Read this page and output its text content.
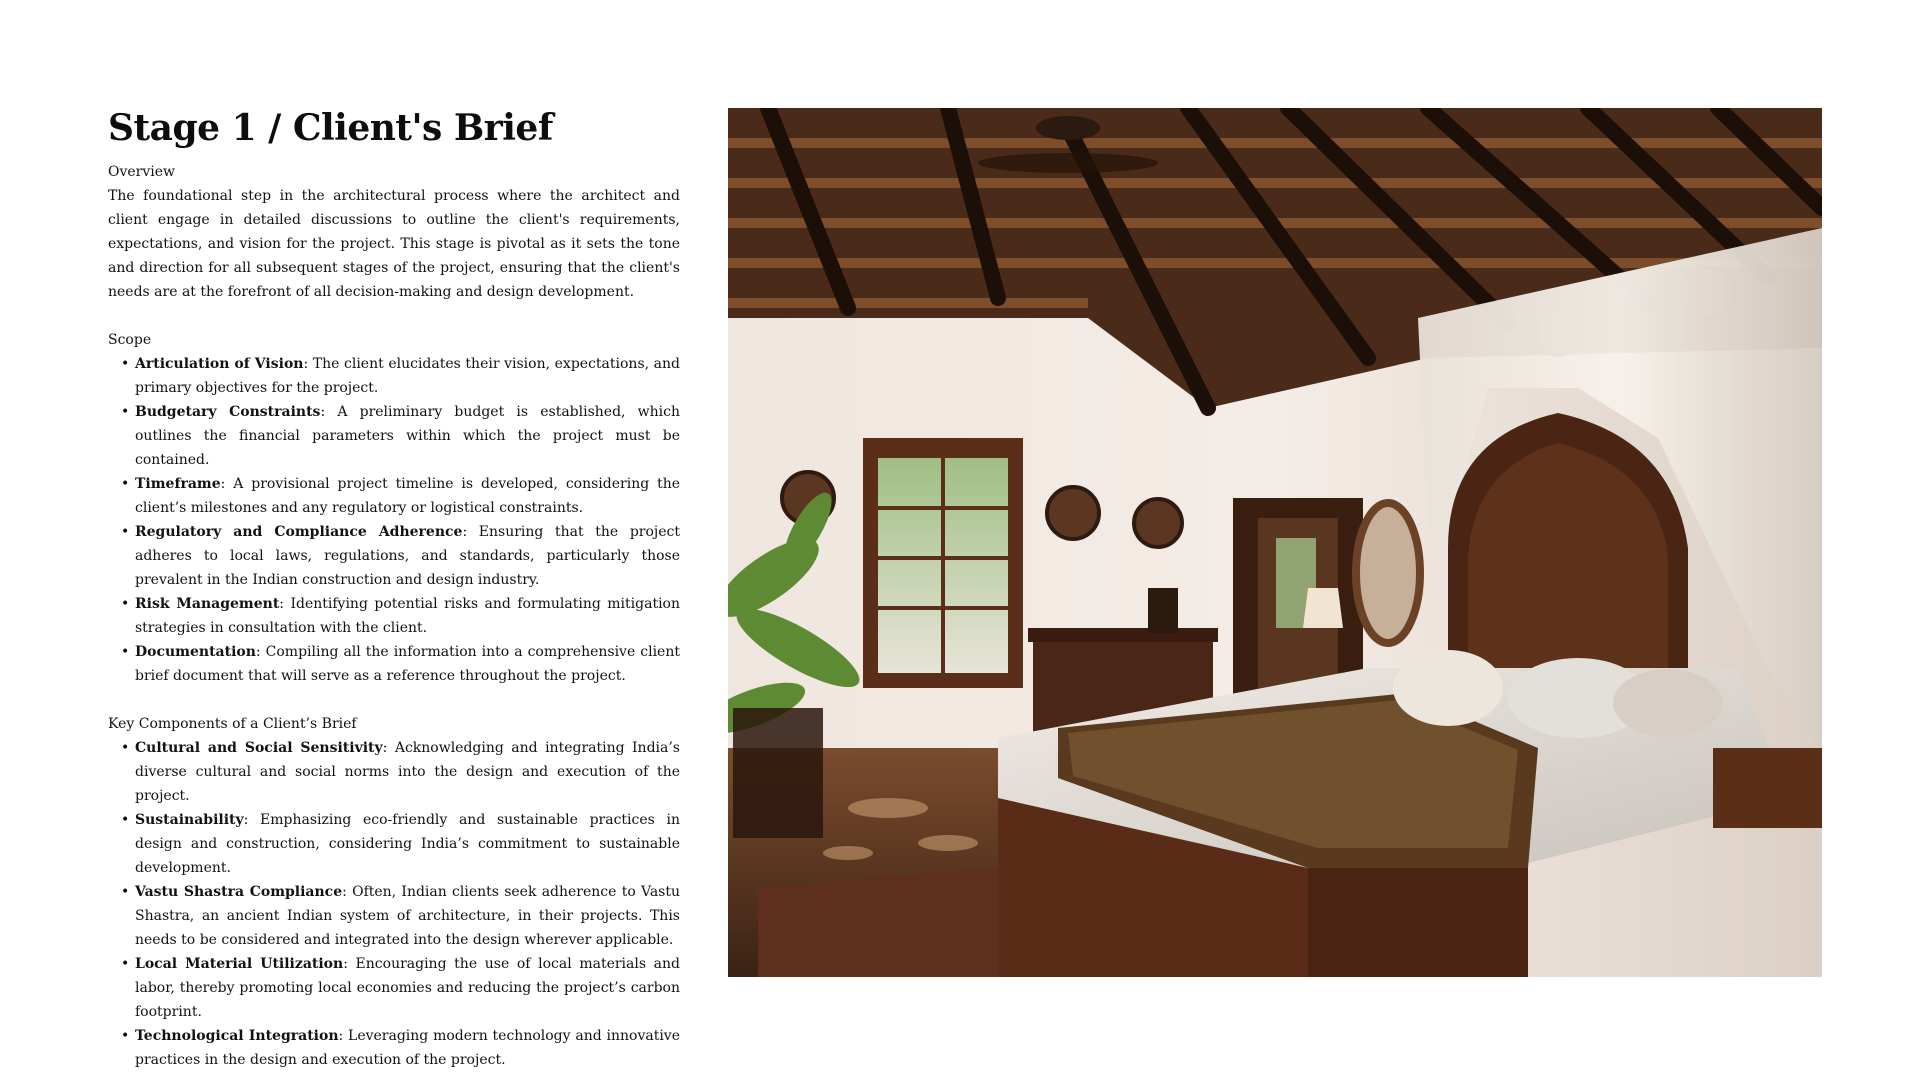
Stage 1 / Client's Brief
Overview

The foundational step in the architectural process where the architect and client engage in detailed discussions to outline the client's requirements, expectations, and vision for the project. This stage is pivotal as it sets the tone and direction for all subsequent stages of the project, ensuring that the client's needs are at the forefront of all decision-making and design development.

Scope
• Articulation of Vision: The client elucidates their vision, expectations, and primary objectives for the project.
• Budgetary Constraints: A preliminary budget is established, which outlines the financial parameters within which the project must be contained.
• Timeframe: A provisional project timeline is developed, considering the client’s milestones and any regulatory or logistical constraints.
• Regulatory and Compliance Adherence: Ensuring that the project adheres to local laws, regulations, and standards, particularly those prevalent in the Indian construction and design industry.
• Risk Management: Identifying potential risks and formulating mitigation strategies in consultation with the client.
• Documentation: Compiling all the information into a comprehensive client brief document that will serve as a reference throughout the project.
Key Components of a Client’s Brief
• Cultural and Social Sensitivity: Acknowledging and integrating India’s diverse cultural and social norms into the design and execution of the project.
• Sustainability: Emphasizing eco-friendly and sustainable practices in design and construction, considering India’s commitment to sustainable development.
• Vastu Shastra Compliance: Often, Indian clients seek adherence to Vastu Shastra, an ancient Indian system of architecture, in their projects. This needs to be considered and integrated into the design wherever applicable.
• Local Material Utilization: Encouraging the use of local materials and labor, thereby promoting local economies and reducing the project’s carbon footprint.
• Technological Integration: Leveraging modern technology and innovative practices in the design and execution of the project.
